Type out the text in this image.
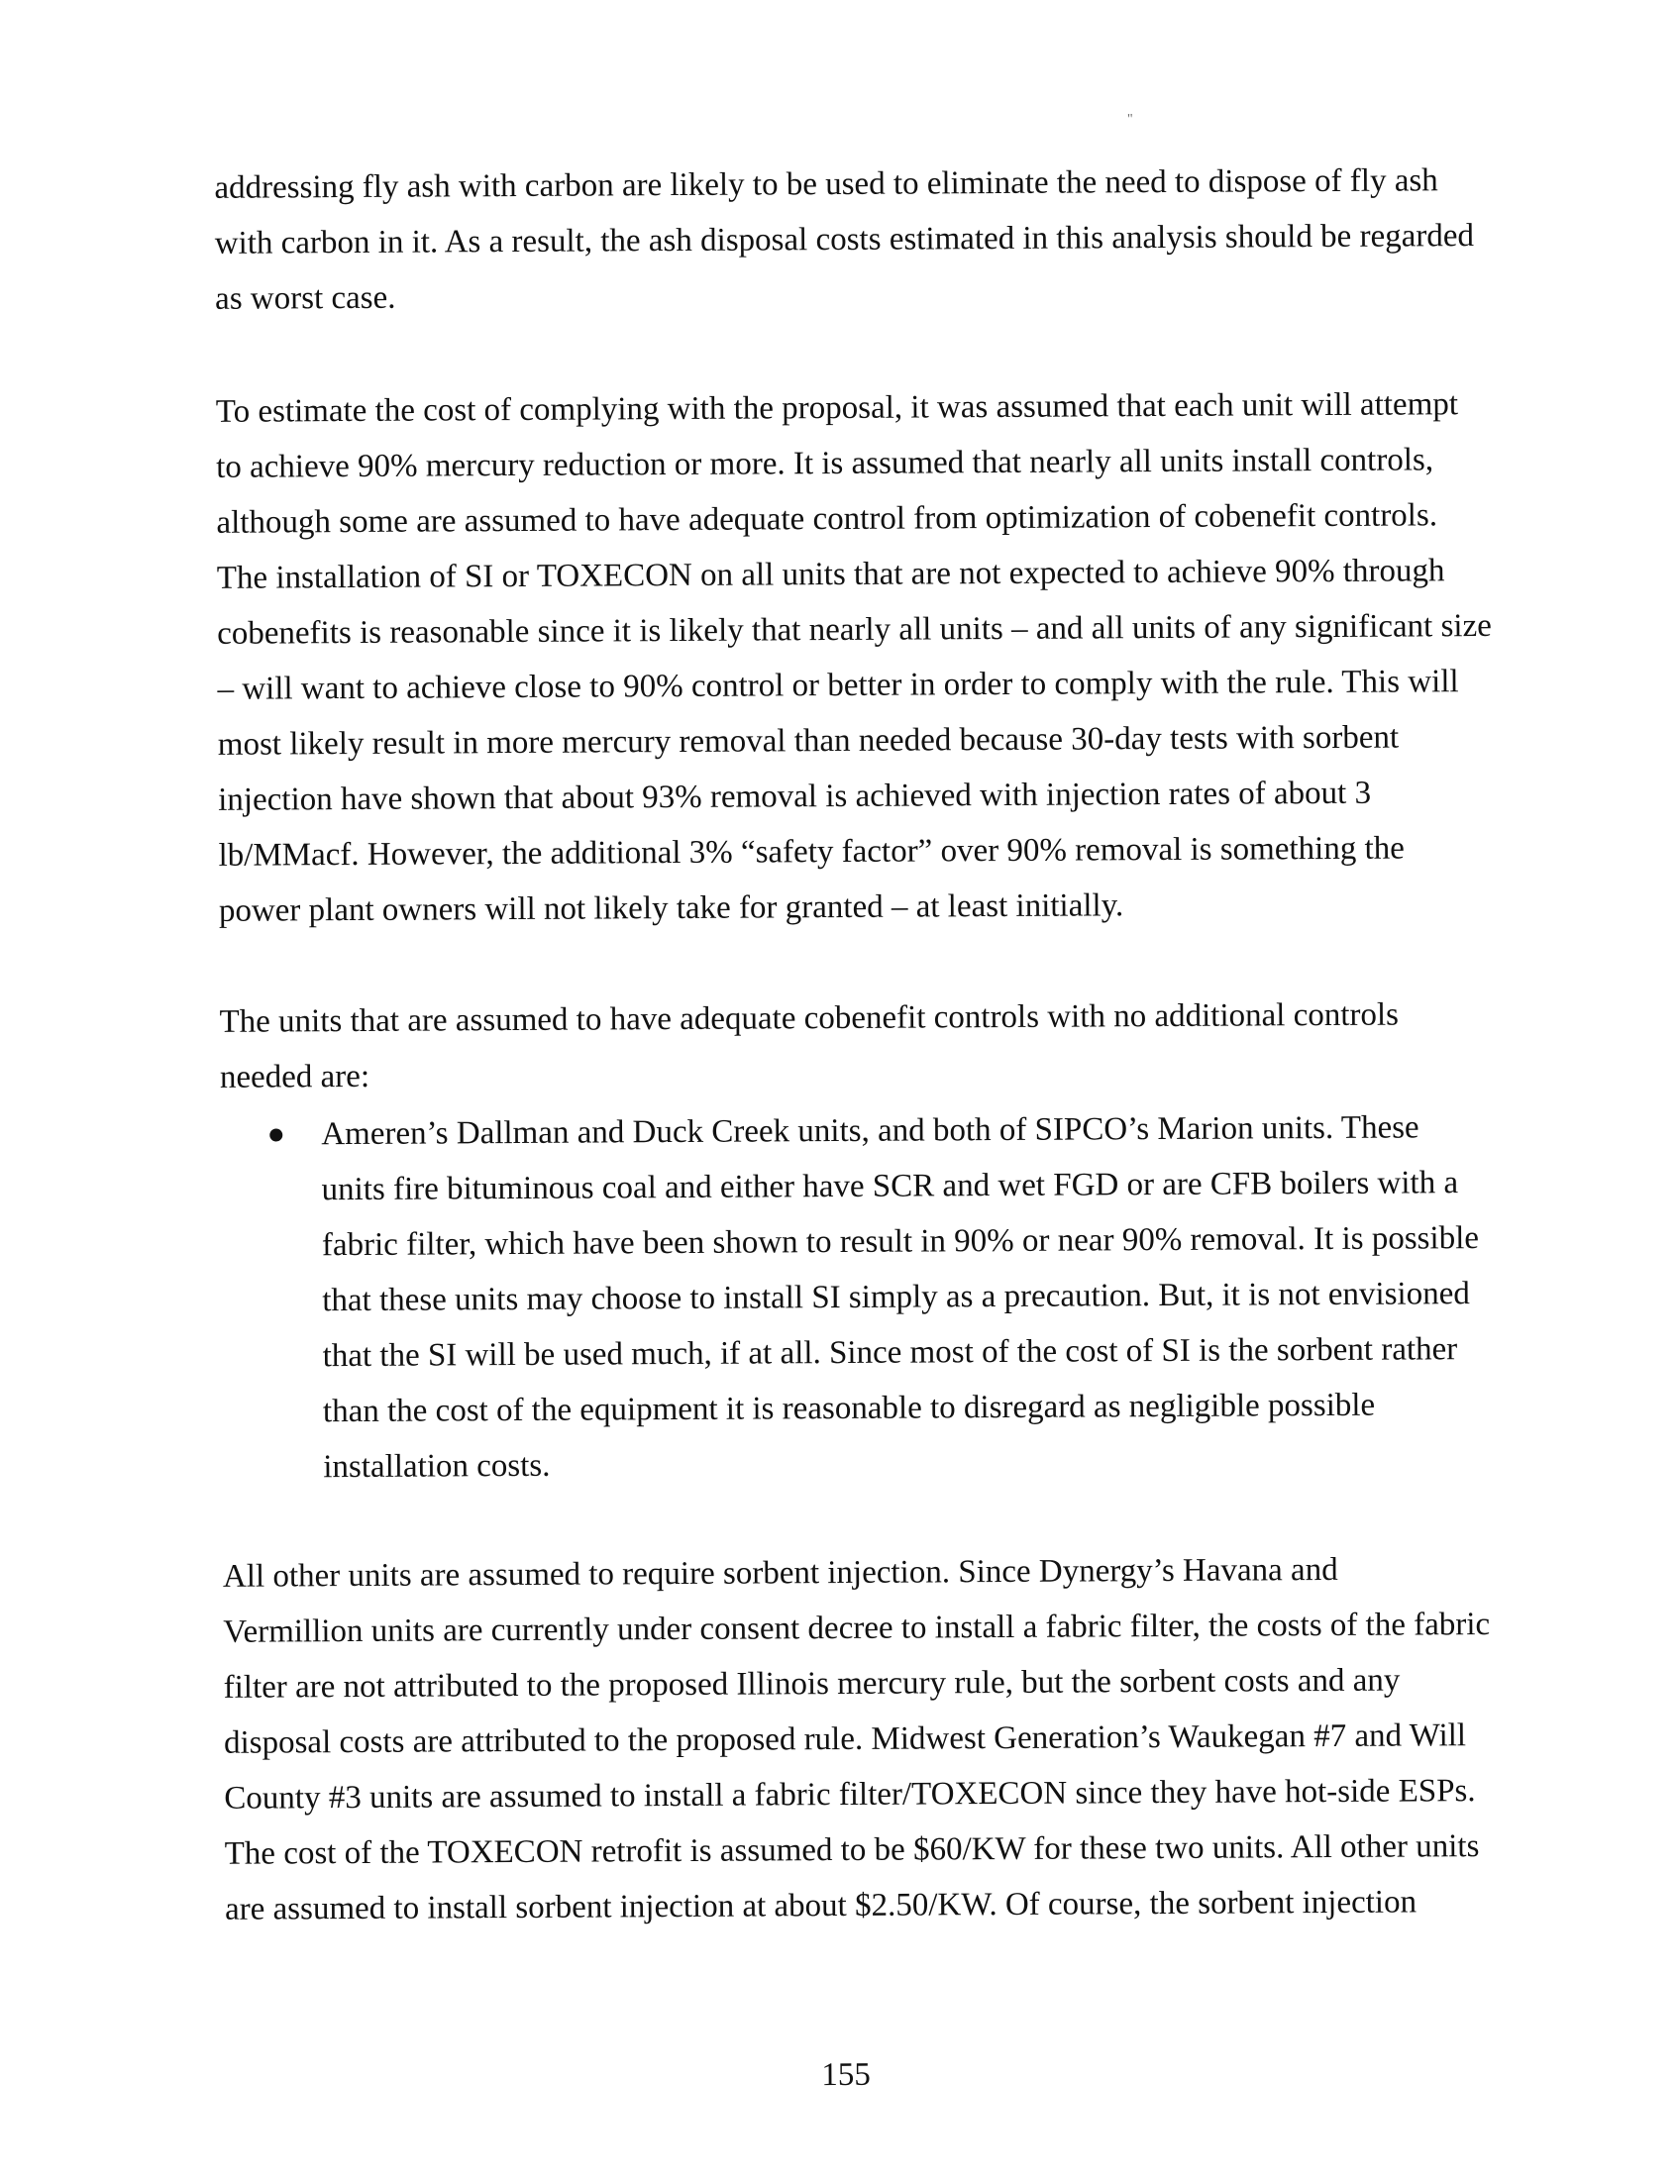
"

addressing fly ash with carbon are likely to be used to eliminate the need to dispose of fly ash
with carbon in it. As a result, the ash disposal costs estimated in this analysis should be regarded
as worst case.

To estimate the cost of complying with the proposal, it was assumed that each unit will attempt
to achieve 90% mercury reduction or more. It is assumed that nearly all units install controls,
although some are assumed to have adequate control from optimization of cobenefit controls.
The installation of SI or TOXECON on all units that are not expected to achieve 90% through
cobenefits is reasonable since it is likely that nearly all units – and all units of any significant size
– will want to achieve close to 90% control or better in order to comply with the rule. This will
most likely result in more mercury removal than needed because 30-day tests with sorbent
injection have shown that about 93% removal is achieved with injection rates of about 3
lb/MMacf. However, the additional 3% “safety factor” over 90% removal is something the
power plant owners will not likely take for granted – at least initially.

The units that are assumed to have adequate cobenefit controls with no additional controls
needed are:

Ameren’s Dallman and Duck Creek units, and both of SIPCO’s Marion units. These
units fire bituminous coal and either have SCR and wet FGD or are CFB boilers with a
fabric filter, which have been shown to result in 90% or near 90% removal. It is possible
that these units may choose to install SI simply as a precaution. But, it is not envisioned
that the SI will be used much, if at all. Since most of the cost of SI is the sorbent rather
than the cost of the equipment it is reasonable to disregard as negligible possible
installation costs.

All other units are assumed to require sorbent injection. Since Dynergy’s Havana and
Vermillion units are currently under consent decree to install a fabric filter, the costs of the fabric
filter are not attributed to the proposed Illinois mercury rule, but the sorbent costs and any
disposal costs are attributed to the proposed rule. Midwest Generation’s Waukegan #7 and Will
County #3 units are assumed to install a fabric filter/TOXECON since they have hot-side ESPs.
The cost of the TOXECON retrofit is assumed to be $60/KW for these two units. All other units
are assumed to install sorbent injection at about $2.50/KW. Of course, the sorbent injection

155
